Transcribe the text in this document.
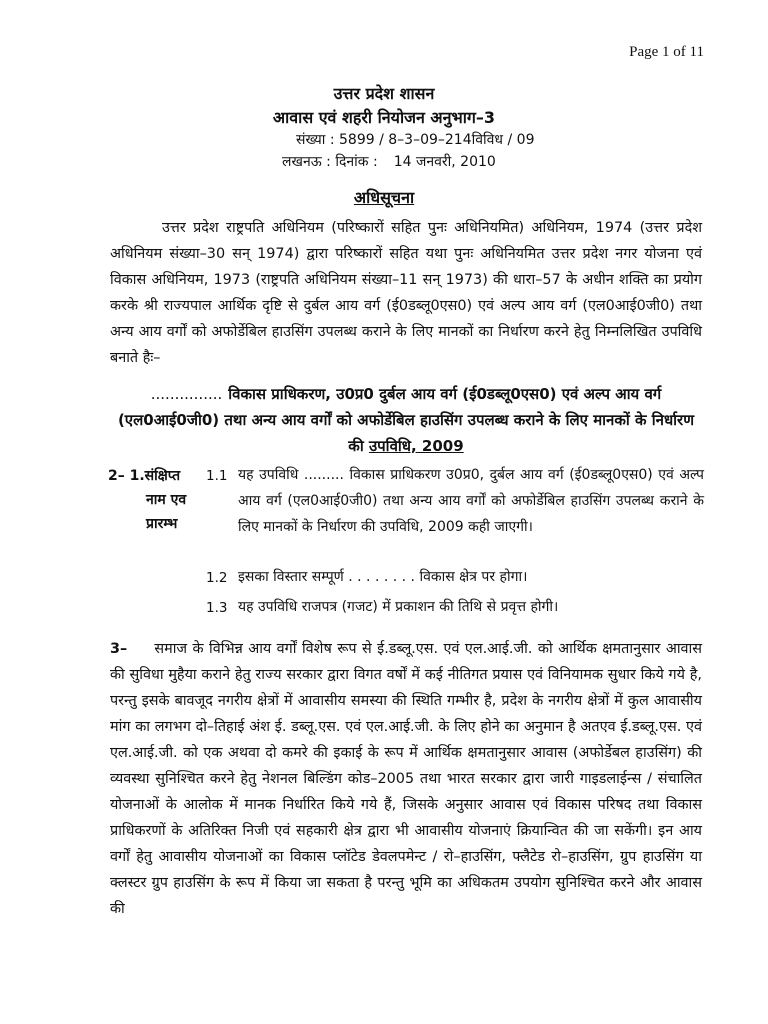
Page 1 of 11
उत्तर प्रदेश शासन
आवास एवं शहरी नियोजन अनुभाग–3
संख्या : 5899 / 8–3–09–214विविध / 09
लखनऊ : दिनांक : 14 जनवरी, 2010
अधिसूचना
उत्तर प्रदेश राष्ट्रपति अधिनियम (परिष्कारों सहित पुनः अधिनियमित) अधिनियम, 1974 (उत्तर प्रदेश अधिनियम संख्या–30 सन् 1974) द्वारा परिष्कारों सहित यथा पुनः अधिनियमित उत्तर प्रदेश नगर योजना एवं विकास अधिनियम, 1973 (राष्ट्रपति अधिनियम संख्या–11 सन् 1973) की धारा–57 के अधीन शक्ति का प्रयोग करके श्री राज्यपाल आर्थिक दृष्टि से दुर्बल आय वर्ग (ई0डब्लू0एस0) एवं अल्प आय वर्ग (एल0आई0जी0) तथा अन्य आय वर्गों को अफोर्डेबिल हाउसिंग उपलब्ध कराने के लिए मानकों का निर्धारण करने हेतु निम्नलिखित उपविधि बनाते हैः–
............... विकास प्राधिकरण, उ0प्र0 दुर्बल आय वर्ग (ई0डब्लू0एस0) एवं अल्प आय वर्ग (एल0आई0जी0) तथा अन्य आय वर्गों को अफोर्डेबिल हाउसिंग उपलब्ध कराने के लिए मानकों के निर्धारण की उपविधि, 2009
2– 1.संक्षिप्त
नाम एव
प्रारम्भ
1.1 यह उपविधि ......... विकास प्राधिकरण उ0प्र0, दुर्बल आय वर्ग (ई0डब्लू0एस0) एवं अल्प आय वर्ग (एल0आई0जी0) तथा अन्य आय वर्गों को अफोर्डेबिल हाउसिंग उपलब्ध कराने के लिए मानकों के निर्धारण की उपविधि, 2009 कही जाएगी।
1.2 इसका विस्तार सम्पूर्ण . . . . . . . . विकास क्षेत्र पर होगा।
1.3 यह उपविधि राजपत्र (गजट) में प्रकाशन की तिथि से प्रवृत्त होगी।
3– समाज के विभिन्न आय वर्गों विशेष रूप से ई.डब्लू.एस. एवं एल.आई.जी. को आर्थिक क्षमतानुसार आवास की सुविधा मुहैया कराने हेतु राज्य सरकार द्वारा विगत वर्षों में कई नीतिगत प्रयास एवं विनियामक सुधार किये गये है, परन्तु इसके बावजूद नगरीय क्षेत्रों में आवासीय समस्या की स्थिति गम्भीर है, प्रदेश के नगरीय क्षेत्रों में कुल आवासीय मांग का लगभग दो–तिहाई अंश ई. डब्लू.एस. एवं एल.आई.जी. के लिए होने का अनुमान है अतएव ई.डब्लू.एस. एवं एल.आई.जी. को एक अथवा दो कमरे की इकाई के रूप में आर्थिक क्षमतानुसार आवास (अफोर्डेबल हाउसिंग) की व्यवस्था सुनिश्चित करने हेतु नेशनल बिल्डिंग कोड–2005 तथा भारत सरकार द्वारा जारी गाइडलाईन्स / संचालित योजनाओं के आलोक में मानक निर्धारित किये गये हैं, जिसके अनुसार आवास एवं विकास परिषद तथा विकास प्राधिकरणों के अतिरिक्त निजी एवं सहकारी क्षेत्र द्वारा भी आवासीय योजनाएं क्रियान्वित की जा सकेंगी। इन आय वर्गों हेतु आवासीय योजनाओं का विकास प्लॉटेड डेवलपमेन्ट / रो–हाउसिंग, फ्लैटेड रो–हाउसिंग, ग्रुप हाउसिंग या क्लस्टर ग्रुप हाउसिंग के रूप में किया जा सकता है परन्तु भूमि का अधिकतम उपयोग सुनिश्चित करने और आवास की
